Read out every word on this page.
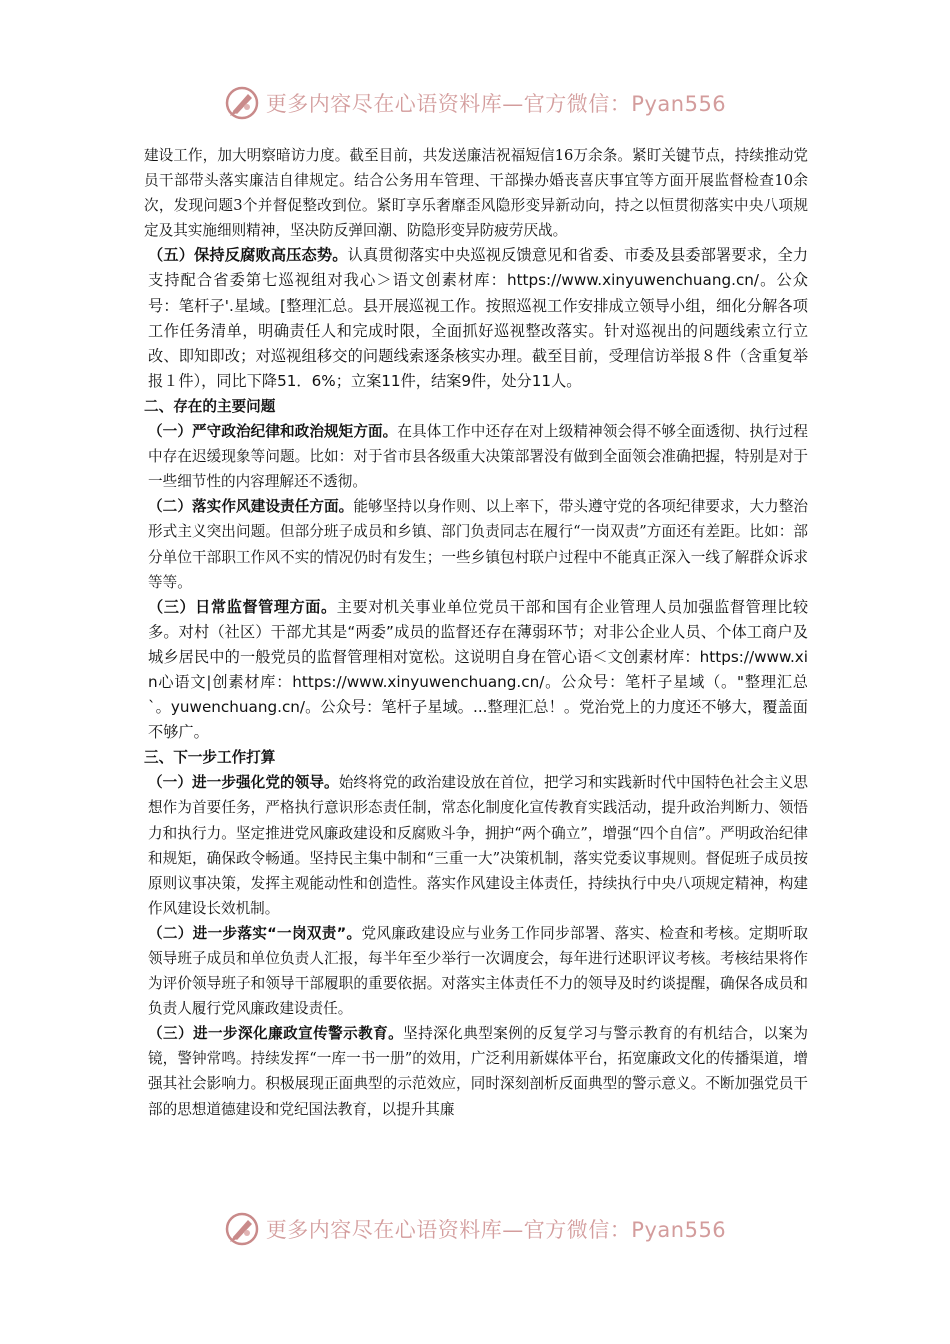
更多内容尽在心语资料库—官方微信：Pyan556

建设工作，加大明察暗访力度。截至目前，共发送廉洁祝福短信16万余条。紧盯关键节点，持续推动党员干部带头落实廉洁自律规定。结合公务用车管理、干部操办婚丧喜庆事宜等方面开展监督检查10余次，发现问题3个并督促整改到位。紧盯享乐奢靡歪风隐形变异新动向，持之以恒贯彻落实中央八项规定及其实施细则精神，坚决防反弹回潮、防隐形变异防疲劳厌战。

（五）保持反腐败高压态势。认真贯彻落实中央巡视反馈意见和省委、市委及县委部署要求，全力支持配合省委第七巡视组对我心＞语文创素材库：https://www.xinyuwenchuang.cn/。公众号：笔杆子'.星域。[整理汇总。县开展巡视工作。按照巡视工作安排成立领导小组，细化分解各项工作任务清单，明确责任人和完成时限，全面抓好巡视整改落实。针对巡视出的问题线索立行立改、即知即改；对巡视组移交的问题线索逐条核实办理。截至目前，受理信访举报８件（含重复举报１件），同比下降51．6%；立案11件，结案9件，处分11人。

二、存在的主要问题

（一）严守政治纪律和政治规矩方面。在具体工作中还存在对上级精神领会得不够全面透彻、执行过程中存在迟缓现象等问题。比如：对于省市县各级重大决策部署没有做到全面领会准确把握，特别是对于一些细节性的内容理解还不透彻。

（二）落实作风建设责任方面。能够坚持以身作则、以上率下，带头遵守党的各项纪律要求，大力整治形式主义突出问题。但部分班子成员和乡镇、部门负责同志在履行“一岗双责”方面还有差距。比如：部分单位干部职工作风不实的情况仍时有发生；一些乡镇包村联户过程中不能真正深入一线了解群众诉求等等。

（三）日常监督管理方面。主要对机关事业单位党员干部和国有企业管理人员加强监督管理比较多。对村（社区）干部尤其是“两委”成员的监督还存在薄弱环节；对非公企业人员、个体工商户及城乡居民中的一般党员的监督管理相对宽松。这说明自身在管心语＜文创素材库：https://www.xin心语文|创素材库：https://www.xinyuwenchuang.cn/。公众号：笔杆子星域（。"整理汇总`。yuwenchuang.cn/。公众号：笔杆子星域。...整理汇总！。党治党上的力度还不够大，覆盖面不够广。

三、下一步工作打算

（一）进一步强化党的领导。始终将党的政治建设放在首位，把学习和实践新时代中国特色社会主义思想作为首要任务，严格执行意识形态责任制，常态化制度化宣传教育实践活动，提升政治判断力、领悟力和执行力。坚定推进党风廉政建设和反腐败斗争，拥护“两个确立”，增强“四个自信”。严明政治纪律和规矩，确保政令畅通。坚持民主集中制和“三重一大”决策机制，落实党委议事规则。督促班子成员按原则议事决策，发挥主观能动性和创造性。落实作风建设主体责任，持续执行中央八项规定精神，构建作风建设长效机制。

（二）进一步落实“一岗双责”。党风廉政建设应与业务工作同步部署、落实、检查和考核。定期听取领导班子成员和单位负责人汇报，每半年至少举行一次调度会，每年进行述职评议考核。考核结果将作为评价领导班子和领导干部履职的重要依据。对落实主体责任不力的领导及时约谈提醒，确保各成员和负责人履行党风廉政建设责任。

（三）进一步深化廉政宣传警示教育。坚持深化典型案例的反复学习与警示教育的有机结合，以案为镜，警钟常鸣。持续发挥“一库一书一册”的效用，广泛利用新媒体平台，拓宽廉政文化的传播渠道，增强其社会影响力。积极展现正面典型的示范效应，同时深刻剖析反面典型的警示意义。不断加强党员干部的思想道德建设和党纪国法教育，以提升其廉

更多内容尽在心语资料库—官方微信：Pyan556
